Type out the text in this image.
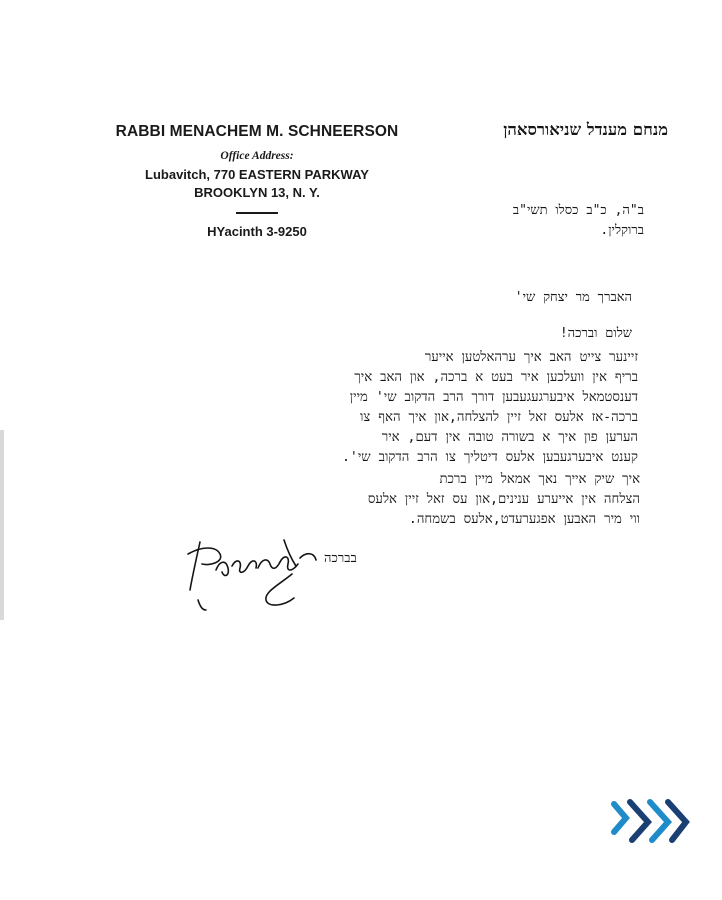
RABBI MENACHEM M. SCHNEERSON
Office Address:
Lubavitch, 770 EASTERN PARKWAY
BROOKLYN 13, N. Y.
HYacinth 3-9250
מנחם מענדל שניאורסאהן
ב"ה, כ"ב כסלו תשי"ב
ברוקלין.
האברך מר יצחק שי'
שלום וברכה!
זיינער צייט האב איך ערהאלטען אייער
בריף אין וועלכען איר בעט א ברכה, און האב איך
דענסטמאל איבערגעגעבען דורך הרב הדקוב שי' מיין
ברכה-אז אלעס זאל זיין להצלחה,און איך האף צו
הערען פון איך א בשורה טובה אין דעם, איר
קענט איבערגעבען אלעס דיטליך צו הרב הדקוב שי'.
איך שיק אייך נאך אמאל מיין ברכת
הצלחה אין אייערע ענינים,און עס זאל זיין אלעס
ווי מיר האבען אפגערעדט,אלעס בשמחה.
בברכה
